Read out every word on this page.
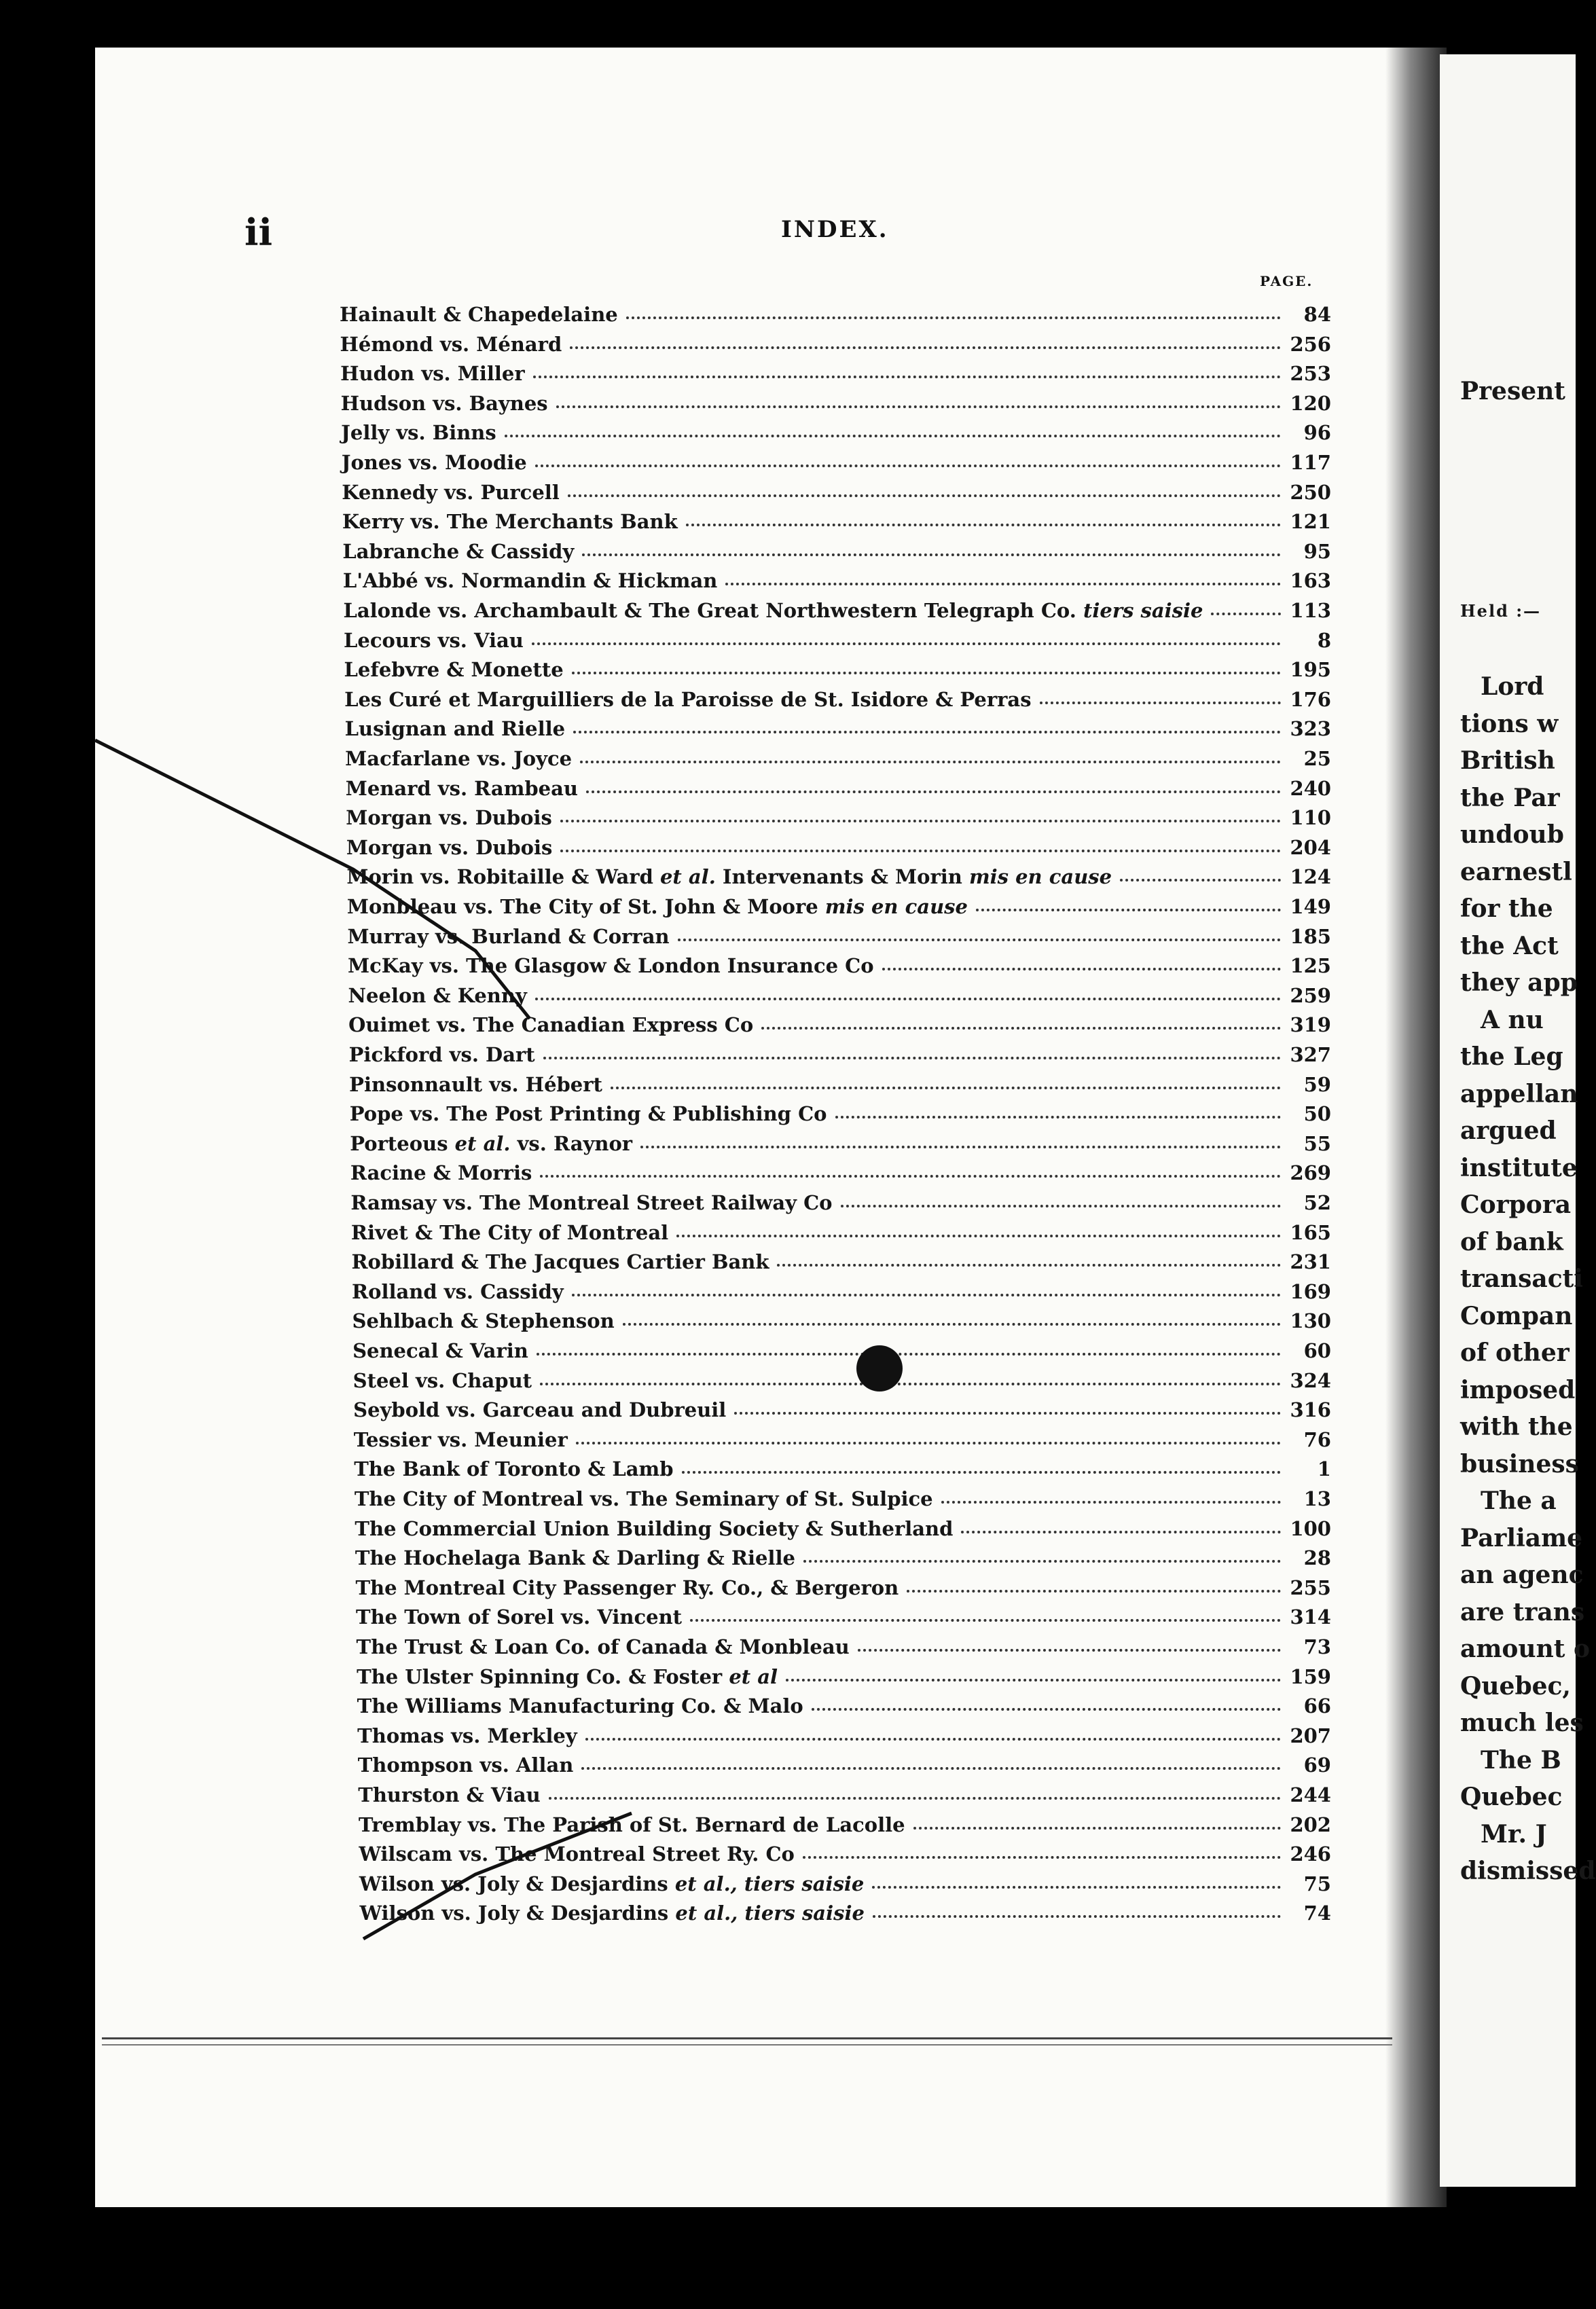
ii	INDEX.
PAGE.
Hainault & Chapedelaine	84
Hémond vs. Ménard	256
Hudon vs. Miller	253
Hudson vs. Baynes	120
Jelly vs. Binns	96
Jones vs. Moodie	117
Kennedy vs. Purcell	250
Kerry vs. The Merchants Bank	121
Labranche & Cassidy	95
L'Abbé vs. Normandin & Hickman	163
Lalonde vs. Archambault & The Great Northwestern Telegraph Co. tiers saisie	113
Lecours vs. Viau	8
Lefebvre & Monette	195
Les Curé et Marguilliers de la Paroisse de St. Isidore & Perras	176
Lusignan and Rielle	323
Macfarlane vs. Joyce	25
Menard vs. Rambeau	240
Morgan vs. Dubois	110
Morgan vs. Dubois	204
Morin vs. Robitaille & Ward et al. Intervenants & Morin mis en cause	124
Monbleau vs. The City of St. John & Moore mis en cause	149
Murray vs. Burland & Corran	185
McKay vs. The Glasgow & London Insurance Co	125
Neelon & Kenny	259
Ouimet vs. The Canadian Express Co	319
Pickford vs. Dart	327
Pinsonnault vs. Hébert	59
Pope vs. The Post Printing & Publishing Co	50
Porteous et al. vs. Raynor	55
Racine & Morris	269
Ramsay vs. The Montreal Street Railway Co	52
Rivet & The City of Montreal	165
Robillard & The Jacques Cartier Bank	231
Rolland vs. Cassidy	169
Sehlbach & Stephenson	130
Senecal & Varin	60
Steel vs. Chaput	324
Seybold vs. Garceau and Dubreuil	316
Tessier vs. Meunier	76
The Bank of Toronto & Lamb	1
The City of Montreal vs. The Seminary of St. Sulpice	13
The Commercial Union Building Society & Sutherland	100
The Hochelaga Bank & Darling & Rielle	28
The Montreal City Passenger Ry. Co., & Bergeron	255
The Town of Sorel vs. Vincent	314
The Trust & Loan Co. of Canada & Monbleau	73
The Ulster Spinning Co. & Foster et al	159
The Williams Manufacturing Co. & Malo	66
Thomas vs. Merkley	207
Thompson vs. Allan	69
Thurston & Viau	244
Tremblay vs. The Parish of St. Bernard de Lacolle	202
Wilscam vs. The Montreal Street Ry. Co	246
Wilson vs. Joly & Desjardins et al., tiers saisie	75
Wilson vs. Joly & Desjardins et al., tiers saisie	74
Present
Held :—
Lord
tions w
British
the Par
undoub
earnestl
for the
the Act
they app
A nu
the Leg
appellan
argued
institute
Corpora
of bank
transacti
Compan
of other
imposed
with the
business
The a
Parliame
an agenc
are trans
amount o
Quebec,
much les
The B
Quebec
Mr. J
dismissed
